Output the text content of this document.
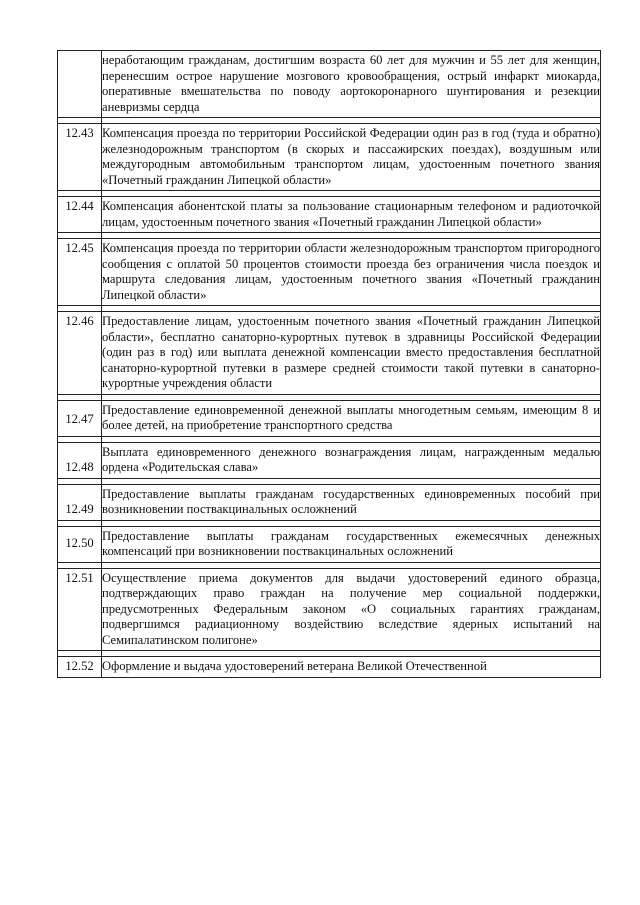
	неработающим гражданам, достигшим возраста 60 лет для мужчин и 55 лет для женщин, перенесшим острое нарушение мозгового кровообращения, острый инфаркт миокарда, оперативные вмешательства по поводу аортокоронарного шунтирования и резекции аневризмы сердца

12.43	Компенсация проезда по территории Российской Федерации один раз в год (туда и обратно) железнодорожным транспортом (в скорых и пассажирских поездах), воздушным или междугородным автомобильным транспортом лицам, удостоенным почетного звания «Почетный гражданин Липецкой области»

12.44	Компенсация абонентской платы за пользование стационарным телефоном и радиоточкой лицам, удостоенным почетного звания «Почетный гражданин Липецкой области»

12.45	Компенсация проезда по территории области железнодорожным транспортом пригородного сообщения с оплатой 50 процентов стоимости проезда без ограничения числа поездок и маршрута следования лицам, удостоенным почетного звания «Почетный гражданин Липецкой области»

12.46	Предоставление лицам, удостоенным почетного звания «Почетный гражданин Липецкой области», бесплатно санаторно-курортных путевок в здравницы Российской Федерации (один раз в год) или выплата денежной компенсации вместо предоставления бесплатной санаторно-курортной путевки в размере средней стоимости такой путевки в санаторно-курортные учреждения области

12.47	Предоставление единовременной денежной выплаты многодетным семьям, имеющим 8 и более детей, на приобретение транспортного средства

12.48	Выплата единовременного денежного вознаграждения лицам, награжденным медалью ордена «Родительская слава»

12.49	Предоставление выплаты гражданам государственных единовременных пособий при возникновении поствакцинальных осложнений

12.50	Предоставление выплаты гражданам государственных ежемесячных денежных компенсаций при возникновении поствакцинальных осложнений

12.51	Осуществление приема документов для выдачи удостоверений единого образца, подтверждающих право граждан на получение мер социальной поддержки, предусмотренных Федеральным законом «О социальных гарантиях гражданам, подвергшимся радиационному воздействию вследствие ядерных испытаний на Семипалатинском полигоне»

12.52	Оформление и выдача удостоверений ветерана Великой Отечественной
